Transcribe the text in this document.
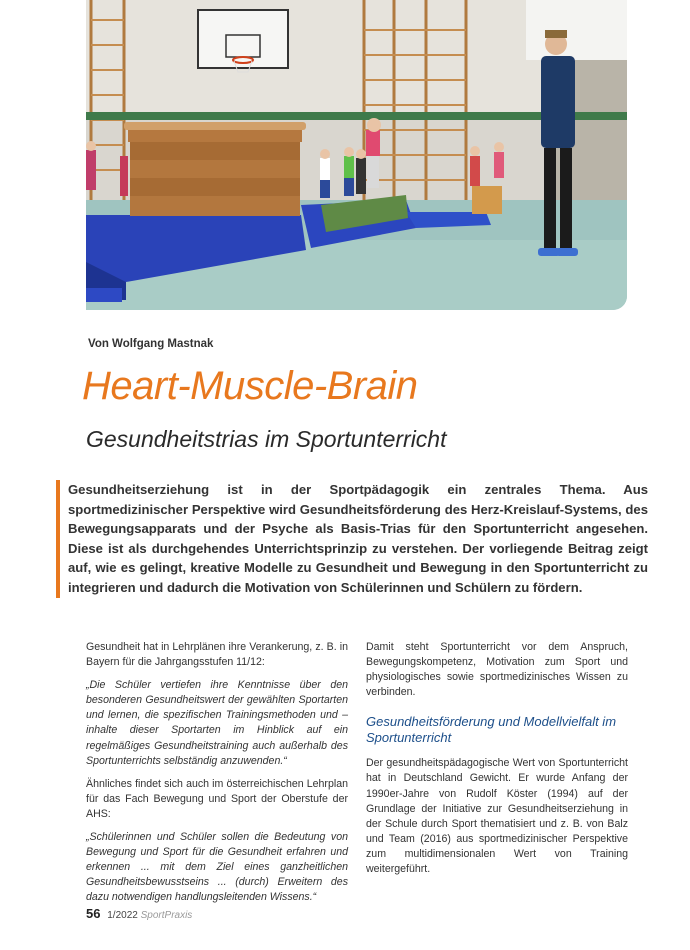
Von Wolfgang Mastnak
Heart-Muscle-Brain
Gesundheitstrias im Sportunterricht

Gesundheitserziehung ist in der Sportpädagogik ein zentrales Thema. Aus sportmedizinischer Perspektive wird Gesundheitsförderung des Herz-Kreislauf-Systems, des Bewegungsapparats und der Psyche als Basis-Trias für den Sportunterricht angesehen. Diese ist als durchgehendes Unterrichtsprinzip zu verstehen. Der vorliegende Beitrag zeigt auf, wie es gelingt, kreative Modelle zu Gesundheit und Bewegung in den Sportunterricht zu integrieren und dadurch die Motivation von Schülerinnen und Schülern zu fördern.

Gesundheit hat in Lehrplänen ihre Verankerung, z. B. in Bayern für die Jahrgangsstufen 11/12:

„Die Schüler vertiefen ihre Kenntnisse über den besonderen Gesundheitswert der gewählten Sportarten und lernen, die spezifischen Trainingsmethoden und –inhalte dieser Sportarten im Hinblick auf ein regelmäßiges Gesundheitstraining auch außerhalb des Sportunterrichts selbständig anzuwenden.“

Ähnliches findet sich auch im österreichischen Lehrplan für das Fach Bewegung und Sport der Oberstufe der AHS:

„Schülerinnen und Schüler sollen die Bedeutung von Bewegung und Sport für die Gesundheit erfahren und erkennen ... mit dem Ziel eines ganzheitlichen Gesundheitsbewusstseins ... (durch) Erweitern des dazu notwendigen handlungsleitenden Wissens.“

Damit steht Sportunterricht vor dem Anspruch, Bewegungskompetenz, Motivation zum Sport und physiologisches sowie sportmedizinisches Wissen zu verbinden.

Gesundheitsförderung und Modellvielfalt im Sportunterricht

Der gesundheitspädagogische Wert von Sportunterricht hat in Deutschland Gewicht. Er wurde Anfang der 1990er-Jahre von Rudolf Köster (1994) auf der Grundlage der Initiative zur Gesundheitserziehung in der Schule durch Sport thematisiert und z. B. von Balz und Team (2016) aus sportmedizinischer Perspektive zum multidimensionalen Wert von Training weitergeführt.

56 1/2022 SportPraxis
